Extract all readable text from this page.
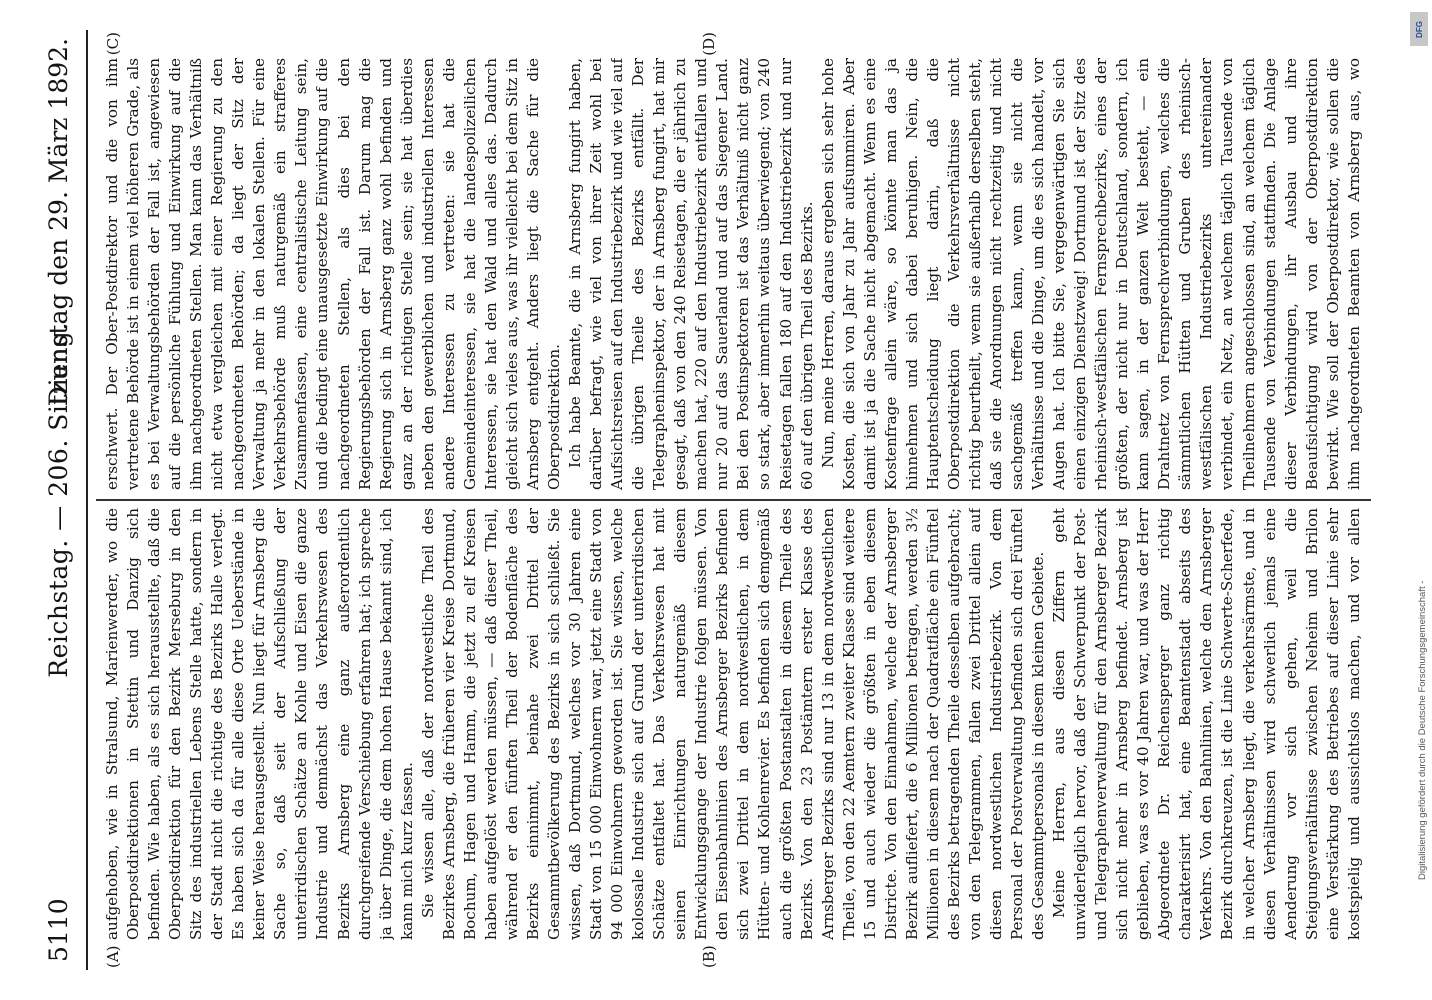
5110
Reichstag. — 206. Sitzung.
Dienstag den 29. März 1892.
(A)	(B)
(C)	(D)

aufgehoben, wie in Stralsund, Marienwerder, wo die Oberpostdirektionen in Stettin und Danzig sich befinden. Wie haben, als es sich herausstellte, daß die Oberpostdirektion für den Bezirk Merseburg in den Sitz des industriellen Lebens Stelle hatte, sondern in der Stadt nicht die richtige des Bezirks Halle verlegt. Es haben sich da für alle diese Orte Ueberstände in keiner Weise herausgestellt. Nun liegt für Arnsberg die Sache so, daß seit der Aufschließung der unterirdischen Schätze an Kohle und Eisen die ganze Industrie und demnächst das Verkehrswesen des Bezirks Arnsberg eine ganz außerordentlich durchgreifende Verschiebung erfahren hat; ich spreche ja über Dinge, die dem hohen Hause bekannt sind, ich kann mich kurz fassen. Sie wissen alle, daß der nordwestliche Theil des Bezirkes Arnsberg, die früheren vier Kreise Dortmund, Bochum, Hagen und Hamm, die jetzt zu elf Kreisen haben aufgelöst werden müssen, — daß dieser Theil, während er den fünften Theil der Bodenfläche des Bezirks einnimmt, beinahe zwei Drittel der Gesammtbevölkerung des Bezirks in sich schließt. Sie wissen, daß Dortmund, welches vor 30 Jahren eine Stadt von 15 000 Einwohnern war, jetzt eine Stadt von 94 000 Einwohnern geworden ist. Sie wissen, welche kolossale Industrie sich auf Grund der unterirdischen Schätze entfaltet hat. Das Verkehrswesen hat mit seinen Einrichtungen naturgemäß diesem Entwicklungsgange der Industrie folgen müssen. Von den Eisenbahnlinien des Arnsberger Bezirks befinden sich zwei Drittel in dem nordwestlichen, in dem Hütten- und Kohlenrevier. Es befinden sich demgemäß auch die größten Postanstalten in diesem Theile des Bezirks. Von den 23 Postämtern erster Klasse des Arnsberger Bezirks sind nur 13 in dem nordwestlichen Theile, von den 22 Aemtern zweiter Klasse sind weitere 15 und auch wieder die größten in eben diesem Districte. Von den Einnahmen, welche der Arnsberger Bezirk aufliefert, die 6 Millionen betragen, werden 3½ Millionen in diesem nach der Quadratfläche ein Fünftel des Bezirks betragenden Theile desselben aufgebracht; von den Telegrammen, fallen zwei Drittel allein auf diesen nordwestlichen Industriebezirk. Von dem Personal der Postverwaltung befinden sich drei Fünftel des Gesammtpersonals in diesem kleinen Gebiete. Meine Herren, aus diesen Ziffern geht unwiderleglich hervor, daß der Schwerpunkt der Post- und Telegraphenverwaltung für den Arnsberger Bezirk sich nicht mehr in Arnsberg befindet. Arnsberg ist geblieben, was es vor 40 Jahren war, und was der Herr Abgeordnete Dr. Reichensperger ganz richtig charakterisirt hat, eine Beamtenstadt abseits des Verkehrs. Von den Bahnlinien, welche den Arnsberger Bezirk durchkreuzen, ist die Linie Schwerte-Scherfede, in welcher Arnsberg liegt, die verkehrsärmste, und in diesen Verhältnissen wird schwerlich jemals eine Aenderung vor sich gehen, weil die Steigungsverhältnisse zwischen Neheim und Brilon eine Verstärkung des Betriebes auf dieser Linie sehr kostspielig und aussichtslos machen, und vor allen

erschwert. Der Ober-Postdirektor und die von ihm vertretene Behörde ist in einem viel höheren Grade, als es bei Verwaltungsbehörden der Fall ist, angewiesen auf die persönliche Fühlung und Einwirkung auf die ihm nachgeordneten Stellen. Man kann das Verhältniß nicht etwa vergleichen mit einer Regierung zu den nachgeordneten Behörden; da liegt der Sitz der Verwaltung ja mehr in den lokalen Stellen. Für eine Verkehrsbehörde muß naturgemäß ein strafferes Zusammenfassen, eine centralistische Leitung sein, und die bedingt eine unausgesetzte Einwirkung auf die nachgeordneten Stellen, als dies bei den Regierungsbehörden der Fall ist. Darum mag die Regierung sich in Arnsberg ganz wohl befinden und ganz an der richtigen Stelle sein; sie hat überdies neben den gewerblichen und industriellen Interessen andere Interessen zu vertreten: sie hat die Gemeindeinteressen, sie hat die landespolizeilichen Interessen, sie hat den Wald und alles das. Dadurch gleicht sich vieles aus, was ihr vielleicht bei dem Sitz in Arnsberg entgeht. Anders liegt die Sache für die Oberpostdirektion. Ich habe Beamte, die in Arnsberg fungirt haben, darüber befragt, wie viel von ihrer Zeit wohl bei Aufsichtsreisen auf den Industriebezirk und wie viel auf die übrigen Theile des Bezirks entfällt. Der Telegrapheninspektor, der in Arnsberg fungirt, hat mir gesagt, daß von den 240 Reisetagen, die er jährlich zu machen hat, 220 auf den Industriebezirk entfallen und nur 20 auf das Sauerland und auf das Siegener Land. Bei den Postinspektoren ist das Verhältniß nicht ganz so stark, aber immerhin weitaus überwiegend; von 240 Reisetagen fallen 180 auf den Industriebezirk und nur 60 auf den übrigen Theil des Bezirks. Nun, meine Herren, daraus ergeben sich sehr hohe Kosten, die sich von Jahr zu Jahr aufsummiren. Aber damit ist ja die Sache nicht abgemacht. Wenn es eine Kostenfrage allein wäre, so könnte man das ja hinnehmen und sich dabei beruhigen. Nein, die Hauptentscheidung liegt darin, daß die Oberpostdirektion die Verkehrsverhältnisse nicht richtig beurtheilt, wenn sie außerhalb derselben steht, daß sie die Anordnungen nicht rechtzeitig und nicht sachgemäß treffen kann, wenn sie nicht die Verhältnisse und die Dinge, um die es sich handelt, vor Augen hat. Ich bitte Sie, vergegenwärtigen Sie sich einen einzigen Dienstzweig! Dortmund ist der Sitz des rheinisch-westfälischen Fernsprechbezirks, eines der größten, der nicht nur in Deutschland, sondern, ich kann sagen, in der ganzen Welt besteht, — ein Drahtnetz von Fernsprechverbindungen, welches die sämmtlichen Hütten und Gruben des rheinisch-westfälischen Industriebezirks untereinander verbindet, ein Netz, an welchem täglich Tausende von Theilnehmern angeschlossen sind, an welchem täglich Tausende von Verbindungen stattfinden. Die Anlage dieser Verbindungen, ihr Ausbau und ihre Beaufsichtigung wird von der Oberpostdirektion bewirkt. Wie soll der Oberpostdirektor, wie sollen die ihm nachgeordneten Beamten von Arnsberg aus, wo

Digitalisierung gefördert durch die Deutsche Forschungsgemeinschaft -
DFG
